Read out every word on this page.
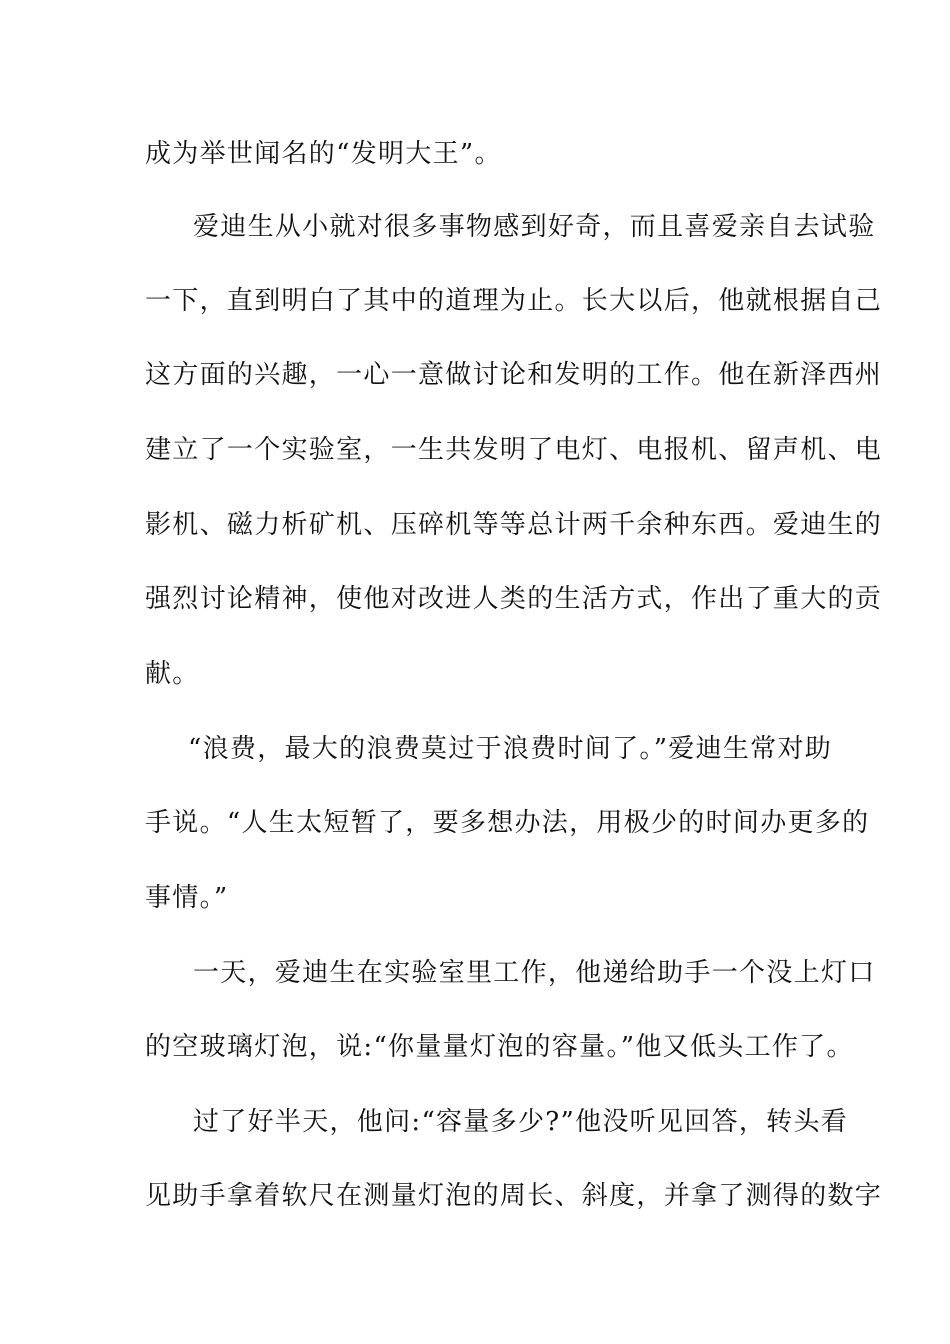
成为举世闻名的“发明大王”。
爱迪生从小就对很多事物感到好奇，而且喜爱亲自去试验
一下，直到明白了其中的道理为止。长大以后，他就根据自己
这方面的兴趣，一心一意做讨论和发明的工作。他在新泽西州
建立了一个实验室，一生共发明了电灯、电报机、留声机、电
影机、磁力析矿机、压碎机等等总计两千余种东西。爱迪生的
强烈讨论精神，使他对改进人类的生活方式，作出了重大的贡
献。
“浪费，最大的浪费莫过于浪费时间了。”爱迪生常对助
手说。“人生太短暂了，要多想办法，用极少的时间办更多的
事情。”
一天，爱迪生在实验室里工作，他递给助手一个没上灯口
的空玻璃灯泡，说:“你量量灯泡的容量。”他又低头工作了。
过了好半天，他问:“容量多少?”他没听见回答，转头看
见助手拿着软尺在测量灯泡的周长、斜度，并拿了测得的数字
